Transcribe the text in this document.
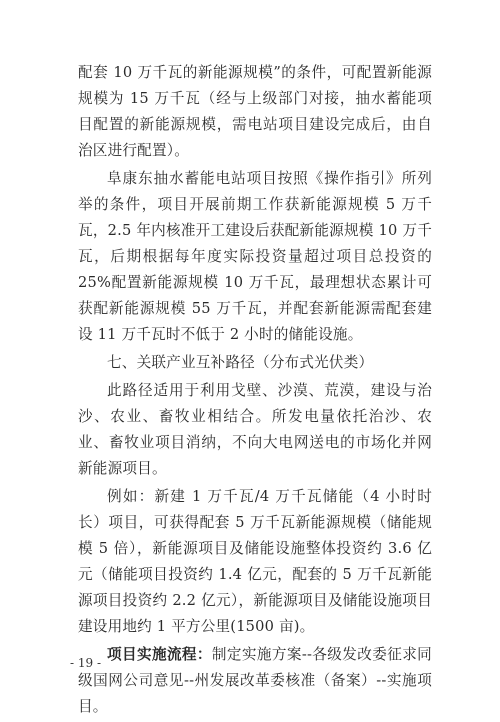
配套 10 万千瓦的新能源规模”的条件，可配置新能源规模为 15 万千瓦（经与上级部门对接，抽水蓄能项目配置的新能源规模，需电站项目建设完成后，由自治区进行配置）。

阜康东抽水蓄能电站项目按照《操作指引》所列举的条件，项目开展前期工作获新能源规模 5 万千瓦，2.5 年内核准开工建设后获配新能源规模 10 万千瓦，后期根据每年度实际投资量超过项目总投资的 25%配置新能源规模 10 万千瓦，最理想状态累计可获配新能源规模 55 万千瓦，并配套新能源需配套建设 11 万千瓦时不低于 2 小时的储能设施。

七、关联产业互补路径（分布式光伏类）

此路径适用于利用戈壁、沙漠、荒漠，建设与治沙、农业、畜牧业相结合。所发电量依托治沙、农业、畜牧业项目消纳，不向大电网送电的市场化并网新能源项目。

例如：新建 1 万千瓦/4 万千瓦储能（4 小时时长）项目，可获得配套 5 万千瓦新能源规模（储能规模 5 倍），新能源项目及储能设施整体投资约 3.6 亿元（储能项目投资约 1.4 亿元，配套的 5 万千瓦新能源项目投资约 2.2 亿元），新能源项目及储能设施项目建设用地约 1 平方公里(1500 亩)。

项目实施流程：制定实施方案--各级发改委征求同级国网公司意见--州发展改革委核准（备案）--实施项目。

- 19 -
